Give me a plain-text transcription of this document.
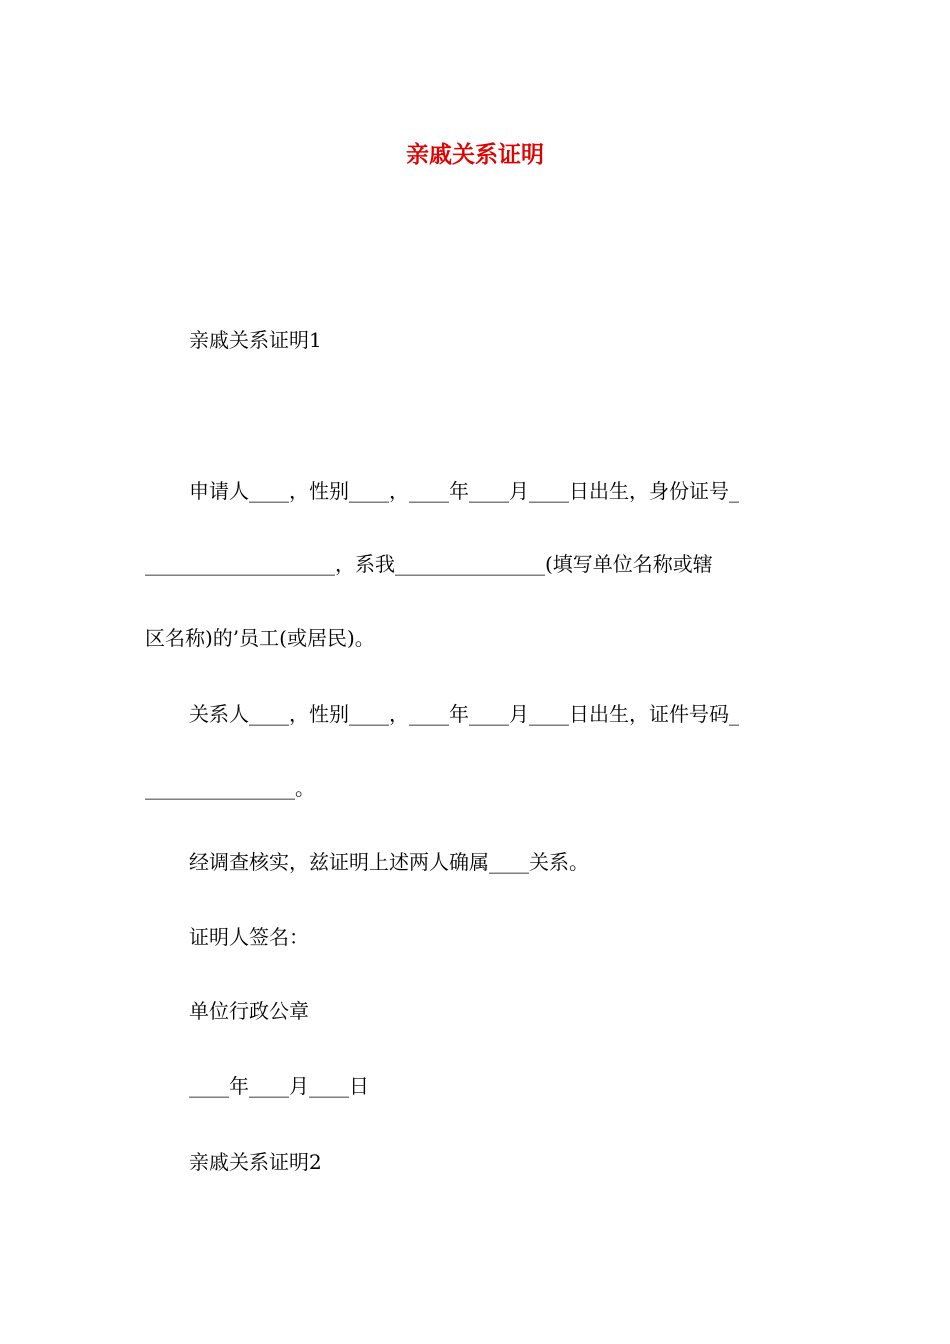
亲戚关系证明
亲戚关系证明1
申请人____，性别____，____年____月____日出生，身份证号_
___________________，系我_______________(填写单位名称或辖
区名称)的’员工(或居民)。
关系人____，性别____，____年____月____日出生，证件号码_
_______________。
经调查核实，兹证明上述两人确属____关系。
证明人签名：
单位行政公章
____年____月____日
亲戚关系证明2
